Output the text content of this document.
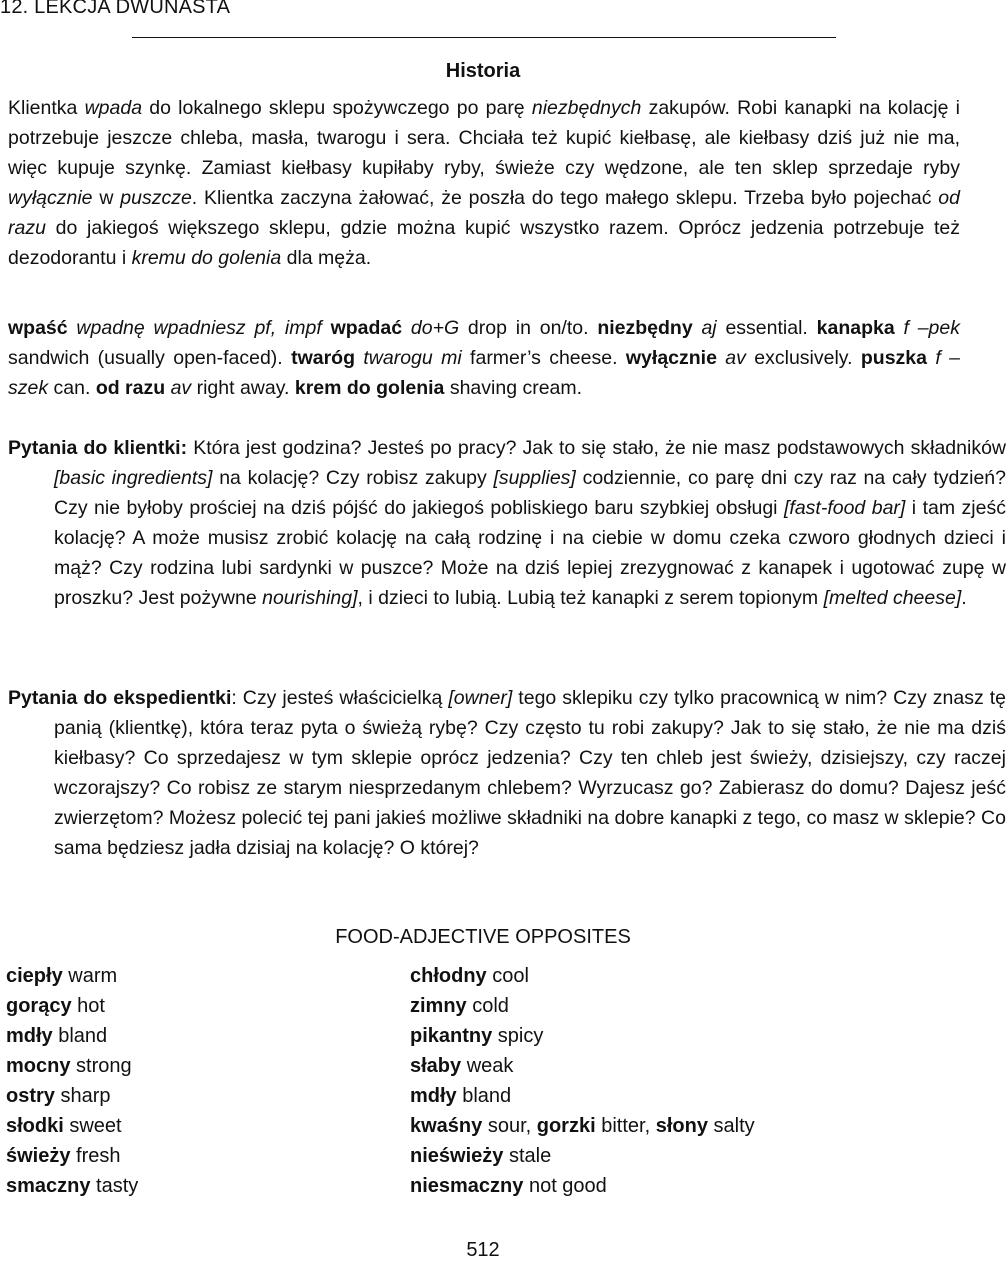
12. LEKCJA DWUNASTA
Historia
Klientka wpada do lokalnego sklepu spożywczego po parę niezbędnych zakupów. Robi kanapki na kolację i potrzebuje jeszcze chleba, masła, twarogu i sera. Chciała też kupić kiełbasę, ale kiełbasy dziś już nie ma, więc kupuje szynkę. Zamiast kiełbasy kupiłaby ryby, świeże czy wędzone, ale ten sklep sprzedaje ryby wyłącznie w puszcze. Klientka zaczyna żałować, że poszła do tego małego sklepu. Trzeba było pojechać od razu do jakiegoś większego sklepu, gdzie można kupić wszystko razem. Oprócz jedzenia potrzebuje też dezodorantu i kremu do golenia dla męża.
wpaść wpadnę wpadniesz pf, impf wpadać do+G drop in on/to. niezbędny aj essential. kanapka f –pek sandwich (usually open-faced). twaróg twarogu mi farmer’s cheese. wyłącznie av exclusively. puszka f –szek can. od razu av right away. krem do golenia shaving cream.
Pytania do klientki: Która jest godzina? Jesteś po pracy? Jak to się stało, że nie masz podstawowych składników [basic ingredients] na kolację? Czy robisz zakupy [supplies] codziennie, co parę dni czy raz na cały tydzień? Czy nie byłoby prościej na dziś pójść do jakiegoś pobliskiego baru szybkiej obsługi [fast-food bar] i tam zjeść kolację? A może musisz zrobić kolację na całą rodzinę i na ciebie w domu czeka czworo głodnych dzieci i mąż? Czy rodzina lubi sardynki w puszce? Może na dziś lepiej zrezygnować z kanapek i ugotować zupę w proszku? Jest pożywne nourishing], i dzieci to lubią. Lubią też kanapki z serem topionym [melted cheese].
Pytania do ekspedientki: Czy jesteś właścicielką [owner] tego sklepiku czy tylko pracownicą w nim? Czy znasz tę panią (klientkę), która teraz pyta o świeżą rybę? Czy często tu robi zakupy? Jak to się stało, że nie ma dziś kiełbasy? Co sprzedajesz w tym sklepie oprócz jedzenia? Czy ten chleb jest świeży, dzisiejszy, czy raczej wczorajszy? Co robisz ze starym niesprzedanym chlebem? Wyrzucasz go? Zabierasz do domu? Dajesz jeść zwierzętom? Możesz polecić tej pani jakieś możliwe składniki na dobre kanapki z tego, co masz w sklepie? Co sama będziesz jadła dzisiaj na kolację? O której?
FOOD-ADJECTIVE OPPOSITES
ciepły warm
gorący hot
mdły bland
mocny strong
ostry sharp
słodki sweet
świeży fresh
smaczny tasty
chłodny cool
zimny cold
pikantny spicy
słaby weak
mdły bland
kwaśny sour, gorzki bitter, słony salty
nieświeży stale
niesmaczny not good
512
